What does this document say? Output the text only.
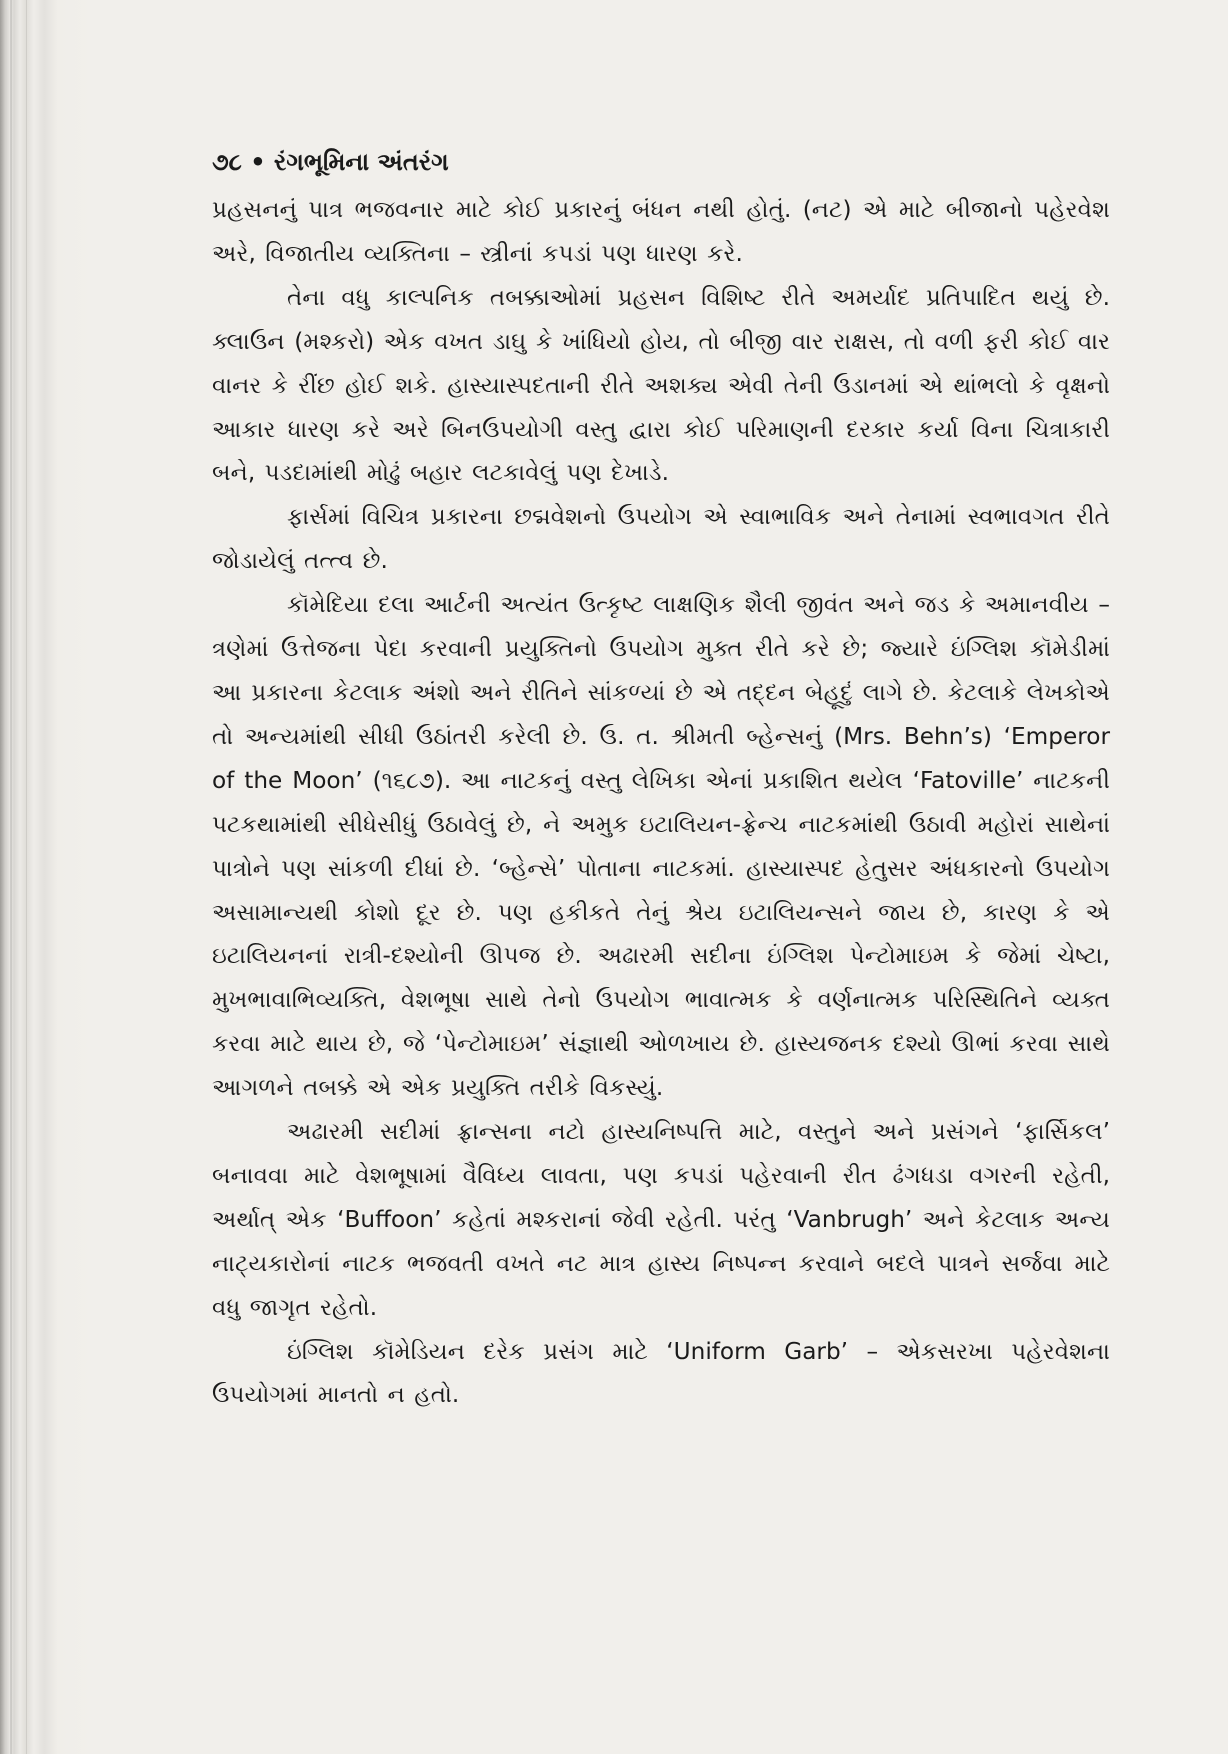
૭૮ • રંગભૂમિના અંતરંગ

પ્રહસનનું પાત્ર ભજવનાર માટે કોઈ પ્રકારનું બંધન નથી હોતું. (નટ) એ માટે બીજાનો પહેરવેશ અરે, વિજાતીય વ્યક્તિના – સ્ત્રીનાં કપડાં પણ ધારણ કરે.

તેના વધુ કાલ્પનિક તબક્કાઓમાં પ્રહસન વિશિષ્ટ રીતે અમર્યાદ પ્રતિપાદિત થયું છે. ક્લાઉન (મશ્કરો) એક વખત ડાઘુ કે ખાંધિયો હોય, તો બીજી વાર રાક્ષસ, તો વળી ફરી કોઈ વાર વાનર કે રીંછ હોઈ શકે. હાસ્યાસ્પદતાની રીતે અશક્ય એવી તેની ઉડાનમાં એ થાંભલો કે વૃક્ષનો આકાર ધારણ કરે અરે બિનઉપયોગી વસ્તુ દ્વારા કોઈ પરિમાણની દરકાર કર્યા વિના ચિત્રાકારી બને, પડદામાંથી મોઢું બહાર લટકાવેલું પણ દેખાડે.

ફાર્સમાં વિચિત્ર પ્રકારના છદ્મવેશનો ઉપયોગ એ સ્વાભાવિક અને તેનામાં સ્વભાવગત રીતે જોડાયેલું તત્ત્વ છે.

કૉમેદિયા દલા આર્ટની અત્યંત ઉત્કૃષ્ટ લાક્ષણિક શૈલી જીવંત અને જડ કે અમાનવીય – ત્રણેમાં ઉત્તેજના પેદા કરવાની પ્રયુક્તિનો ઉપયોગ મુક્ત રીતે કરે છે; જ્યારે ઇંગ્લિશ કૉમેડીમાં આ પ્રકારના કેટલાક અંશો અને રીતિને સાંકળ્યાં છે એ તદ્દન બેહૂદું લાગે છે. કેટલાકે લેખકોએ તો અન્યમાંથી સીધી ઉઠાંતરી કરેલી છે. ઉ. ત. શ્રીમતી બ્હેન્સનું (Mrs. Behn’s) ‘Emperor of the Moon’ (૧૬૮૭). આ નાટકનું વસ્તુ લેખિકા એનાં પ્રકાશિત થયેલ ‘Fatoville’ નાટકની પટકથામાંથી સીધેસીધું ઉઠાવેલું છે, ને અમુક ઇટાલિયન-ફ્રેન્ચ નાટકમાંથી ઉઠાવી મહોરાં સાથેનાં પાત્રોને પણ સાંકળી દીધાં છે. ‘બ્હેન્સે’ પોતાના નાટકમાં. હાસ્યાસ્પદ હેતુસર અંધકારનો ઉપયોગ અસામાન્યથી કોશો દૂર છે. પણ હકીકતે તેનું શ્રેય ઇટાલિયન્સને જાય છે, કારણ કે એ ઇટાલિયનનાં રાત્રી-દશ્યોની ઊપજ છે. અઢારમી સદીના ઇંગ્લિશ પેન્ટોમાઇમ કે જેમાં ચેષ્ટા, મુખભાવાભિવ્યક્તિ, વેશભૂષા સાથે તેનો ઉપયોગ ભાવાત્મક કે વર્ણનાત્મક પરિસ્થિતિને વ્યક્ત કરવા માટે થાય છે, જે ‘પેન્ટોમાઇમ’ સંજ્ઞાથી ઓળખાય છે. હાસ્યજનક દશ્યો ઊભાં કરવા સાથે આગળને તબક્કે એ એક પ્રયુક્તિ તરીકે વિકસ્યું.

અઢારમી સદીમાં ફ્રાન્સના નટો હાસ્યનિષ્પત્તિ માટે, વસ્તુને અને પ્રસંગને ‘ફાર્સિકલ’ બનાવવા માટે વેશભૂષામાં વૈવિધ્ય લાવતા, પણ કપડાં પહેરવાની રીત ઢંગધડા વગરની રહેતી, અર્થાત્ એક ‘Buffoon’ કહેતાં મશ્કરાનાં જેવી રહેતી. પરંતુ ‘Vanbrugh’ અને કેટલાક અન્ય નાટ્યકારોનાં નાટક ભજવતી વખતે નટ માત્ર હાસ્ય નિષ્પન્ન કરવાને બદલે પાત્રને સર્જવા માટે વધુ જાગૃત રહેતો.

ઇંગ્લિશ કૉમેડિયન દરેક પ્રસંગ માટે ‘Uniform Garb’ – એકસરખા પહેરવેશના ઉપયોગમાં માનતો ન હતો.
